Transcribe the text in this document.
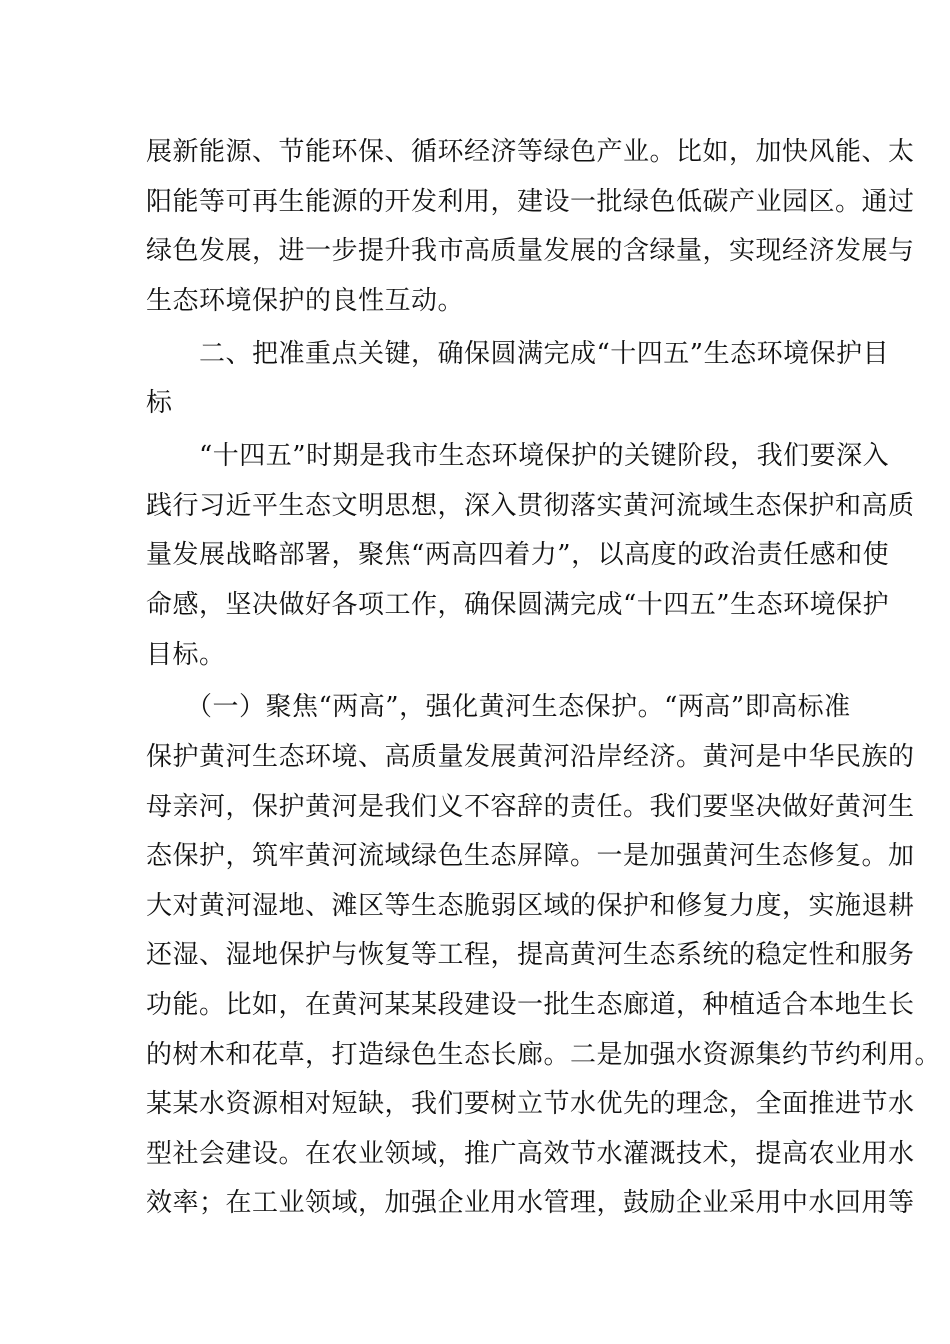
展新能源、节能环保、循环经济等绿色产业。比如，加快风能、太
阳能等可再生能源的开发利用，建设一批绿色低碳产业园区。通过
绿色发展，进一步提升我市高质量发展的含绿量，实现经济发展与
生态环境保护的良性互动。
　　二、把准重点关键，确保圆满完成“十四五”生态环境保护目
标
　　“十四五”时期是我市生态环境保护的关键阶段，我们要深入
践行习近平生态文明思想，深入贯彻落实黄河流域生态保护和高质
量发展战略部署，聚焦“两高四着力”，以高度的政治责任感和使
命感，坚决做好各项工作，确保圆满完成“十四五”生态环境保护
目标。
　　（一）聚焦“两高”，强化黄河生态保护。“两高”即高标准
保护黄河生态环境、高质量发展黄河沿岸经济。黄河是中华民族的
母亲河，保护黄河是我们义不容辞的责任。我们要坚决做好黄河生
态保护，筑牢黄河流域绿色生态屏障。一是加强黄河生态修复。加
大对黄河湿地、滩区等生态脆弱区域的保护和修复力度，实施退耕
还湿、湿地保护与恢复等工程，提高黄河生态系统的稳定性和服务
功能。比如，在黄河某某段建设一批生态廊道，种植适合本地生长
的树木和花草，打造绿色生态长廊。二是加强水资源集约节约利用。
某某水资源相对短缺，我们要树立节水优先的理念，全面推进节水
型社会建设。在农业领域，推广高效节水灌溉技术，提高农业用水
效率；在工业领域，加强企业用水管理，鼓励企业采用中水回用等
